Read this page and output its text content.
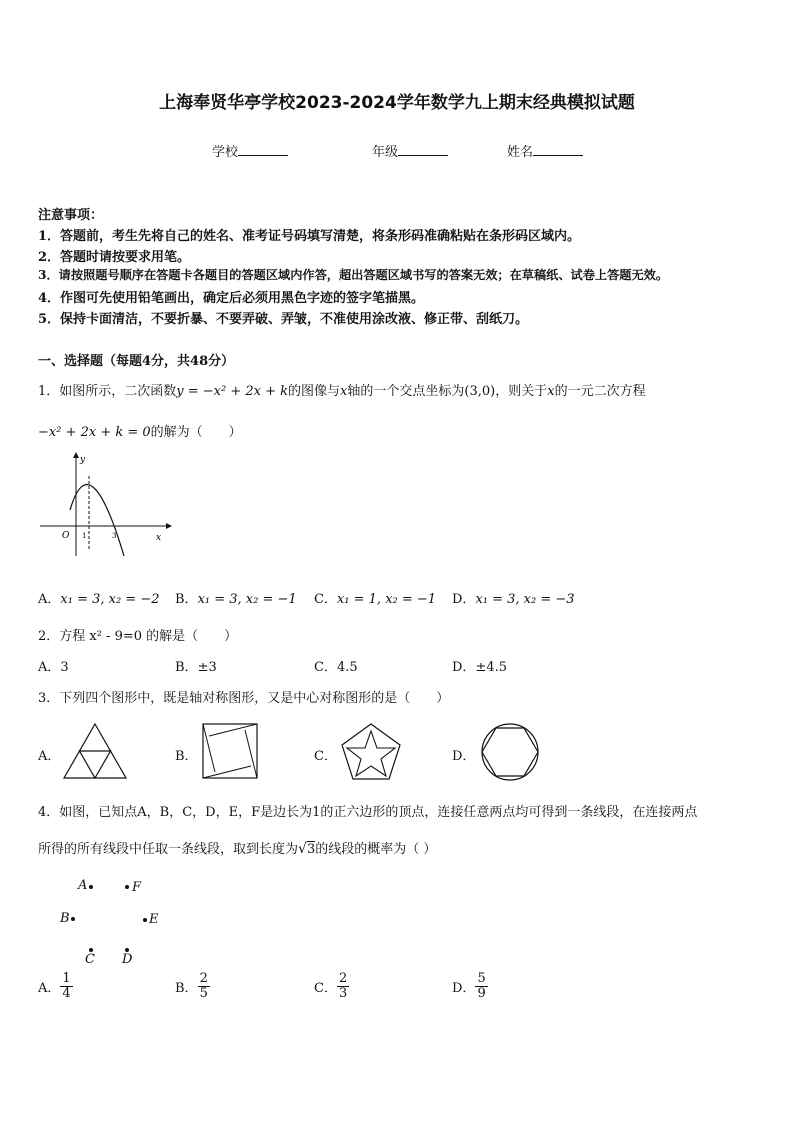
上海奉贤华亭学校2023-2024学年数学九上期末经典模拟试题
学校	年级	姓名
注意事项：
1．答题前，考生先将自己的姓名、准考证号码填写清楚，将条形码准确粘贴在条形码区域内。
2．答题时请按要求用笔。
3．请按照题号顺序在答题卡各题目的答题区域内作答，超出答题区域书写的答案无效；在草稿纸、试卷上答题无效。
4．作图可先使用铅笔画出，确定后必须用黑色字迹的签字笔描黑。
5．保持卡面清洁，不要折暴、不要弄破、弄皱，不准使用涂改液、修正带、刮纸刀。
一、选择题（每题4分，共48分）
1．如图所示，二次函数y = −x² + 2x + k的图像与x轴的一个交点坐标为(3,0)，则关于x的一元二次方程
−x² + 2x + k = 0的解为（　　）
y
x
O 1	3
A．x₁ = 3, x₂ = −2 B．x₁ = 3, x₂ = −1 C．x₁ = 1, x₂ = −1 D．x₁ = 3, x₂ = −3
2．方程 x² - 9=0 的解是（　　）
A．3	B．±3	C．4.5	D．±4.5
3．下列四个图形中，既是轴对称图形，又是中心对称图形的是（　　）
A．	B．	C．	D．
4．如图，已知点A，B，C，D，E，F是边长为1的正六边形的顶点，连接任意两点均可得到一条线段，在连接两点
所得的所有线段中任取一条线段，取到长度为√3的线段的概率为（ ）
A	F
B	E
C D
A． $\frac{1}{4}$	B． $\frac{2}{5}$	C． $\frac{2}{3}$	D． $\frac{5}{9}$
